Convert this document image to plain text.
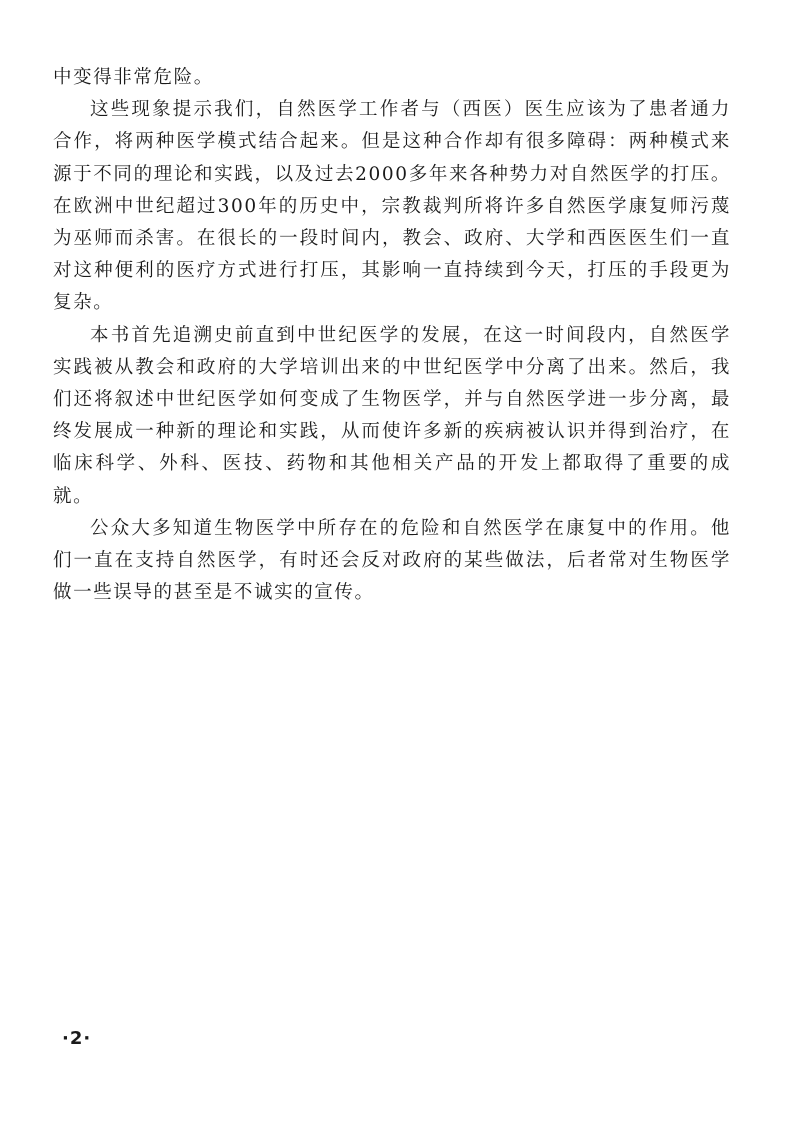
中变得非常危险。

这些现象提示我们，自然医学工作者与（西医）医生应该为了患者通力合作，将两种医学模式结合起来。但是这种合作却有很多障碍：两种模式来源于不同的理论和实践，以及过去2000多年来各种势力对自然医学的打压。在欧洲中世纪超过300年的历史中，宗教裁判所将许多自然医学康复师污蔑为巫师而杀害。在很长的一段时间内，教会、政府、大学和西医医生们一直对这种便利的医疗方式进行打压，其影响一直持续到今天，打压的手段更为复杂。

本书首先追溯史前直到中世纪医学的发展，在这一时间段内，自然医学实践被从教会和政府的大学培训出来的中世纪医学中分离了出来。然后，我们还将叙述中世纪医学如何变成了生物医学，并与自然医学进一步分离，最终发展成一种新的理论和实践，从而使许多新的疾病被认识并得到治疗，在临床科学、外科、医技、药物和其他相关产品的开发上都取得了重要的成就。

公众大多知道生物医学中所存在的危险和自然医学在康复中的作用。他们一直在支持自然医学，有时还会反对政府的某些做法，后者常对生物医学做一些误导的甚至是不诚实的宣传。

·2·
